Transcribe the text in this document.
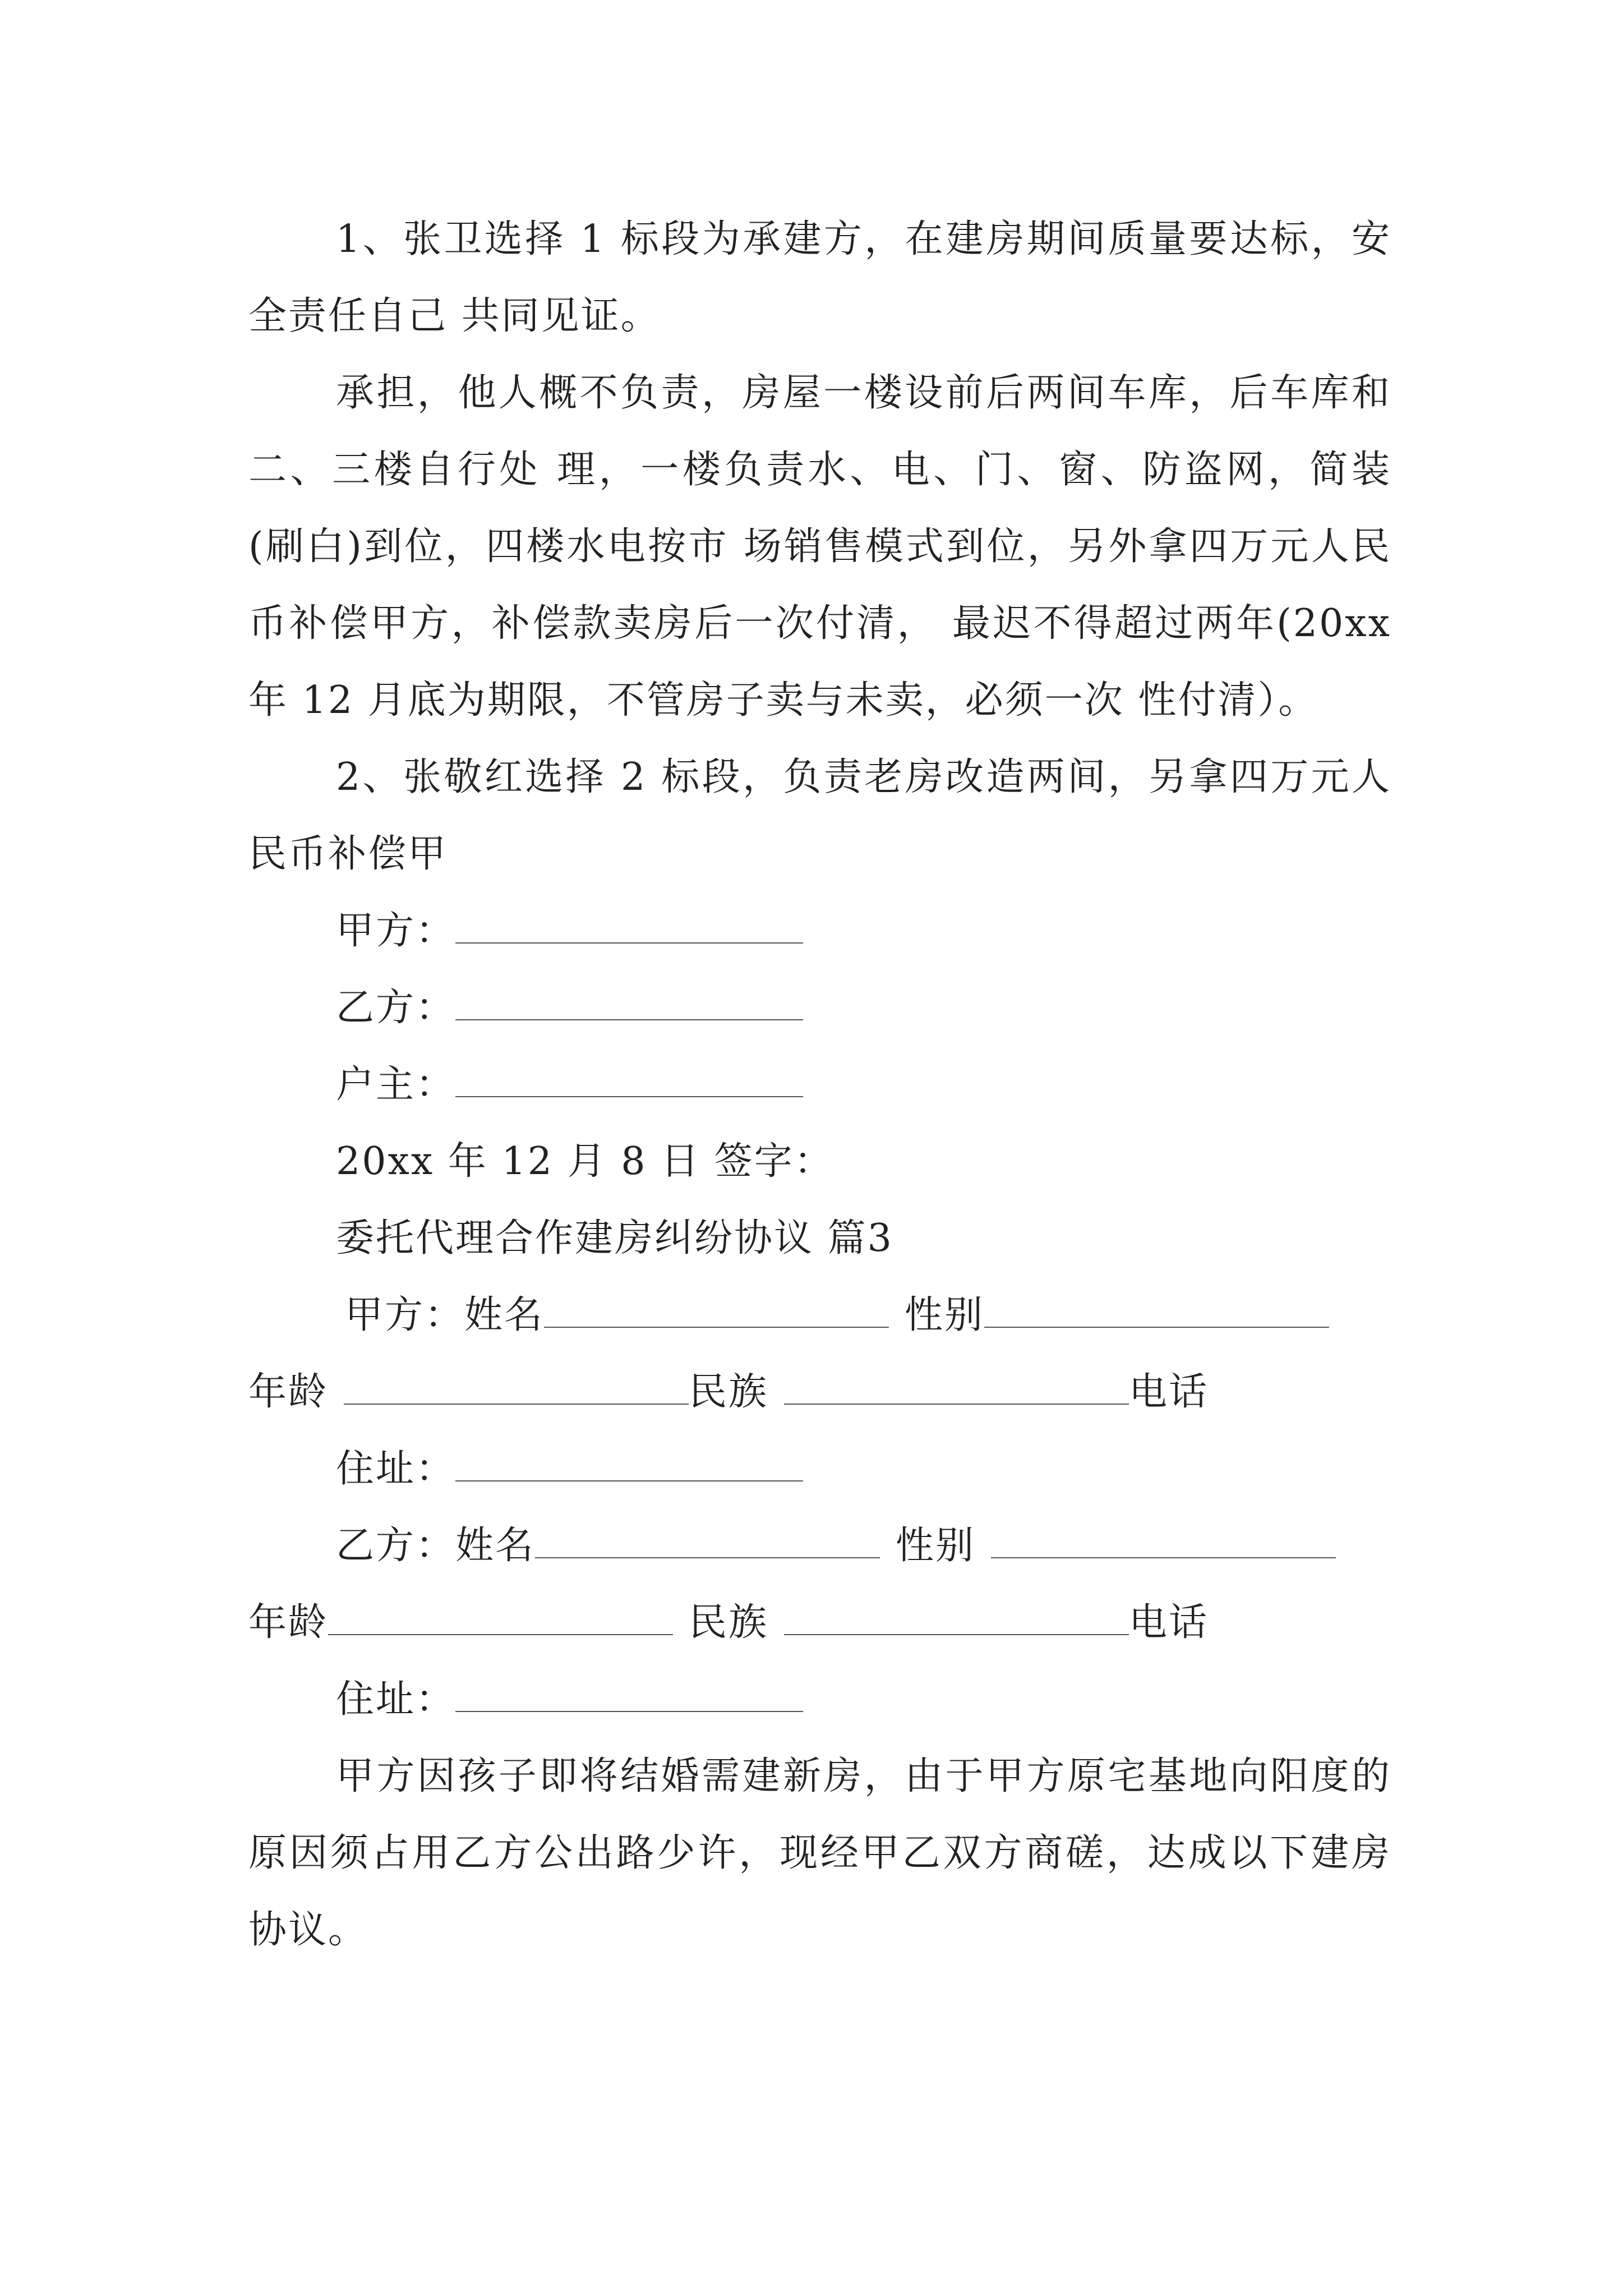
1、张卫选择 1 标段为承建方，在建房期间质量要达标，安全责任自己 共同见证。

承担，他人概不负责，房屋一楼设前后两间车库，后车库和二、三楼自行处 理，一楼负责水、电、门、窗、防盗网，简装(刷白)到位，四楼水电按市 场销售模式到位，另外拿四万元人民币补偿甲方，补偿款卖房后一次付清， 最迟不得超过两年(20xx 年 12 月底为期限，不管房子卖与未卖，必须一次 性付清）。

2、张敬红选择 2 标段，负责老房改造两间，另拿四万元人民币补偿甲

甲方：

乙方：

户主：

20xx 年 12 月 8 日 签字：

委托代理合作建房纠纷协议 篇3

甲方：姓名	性别

年龄	民族	电话

住址：

乙方：姓名	性别

年龄	民族	电话

住址：

甲方因孩子即将结婚需建新房，由于甲方原宅基地向阳度的原因须占用乙方公出路少许，现经甲乙双方商磋，达成以下建房协议。
